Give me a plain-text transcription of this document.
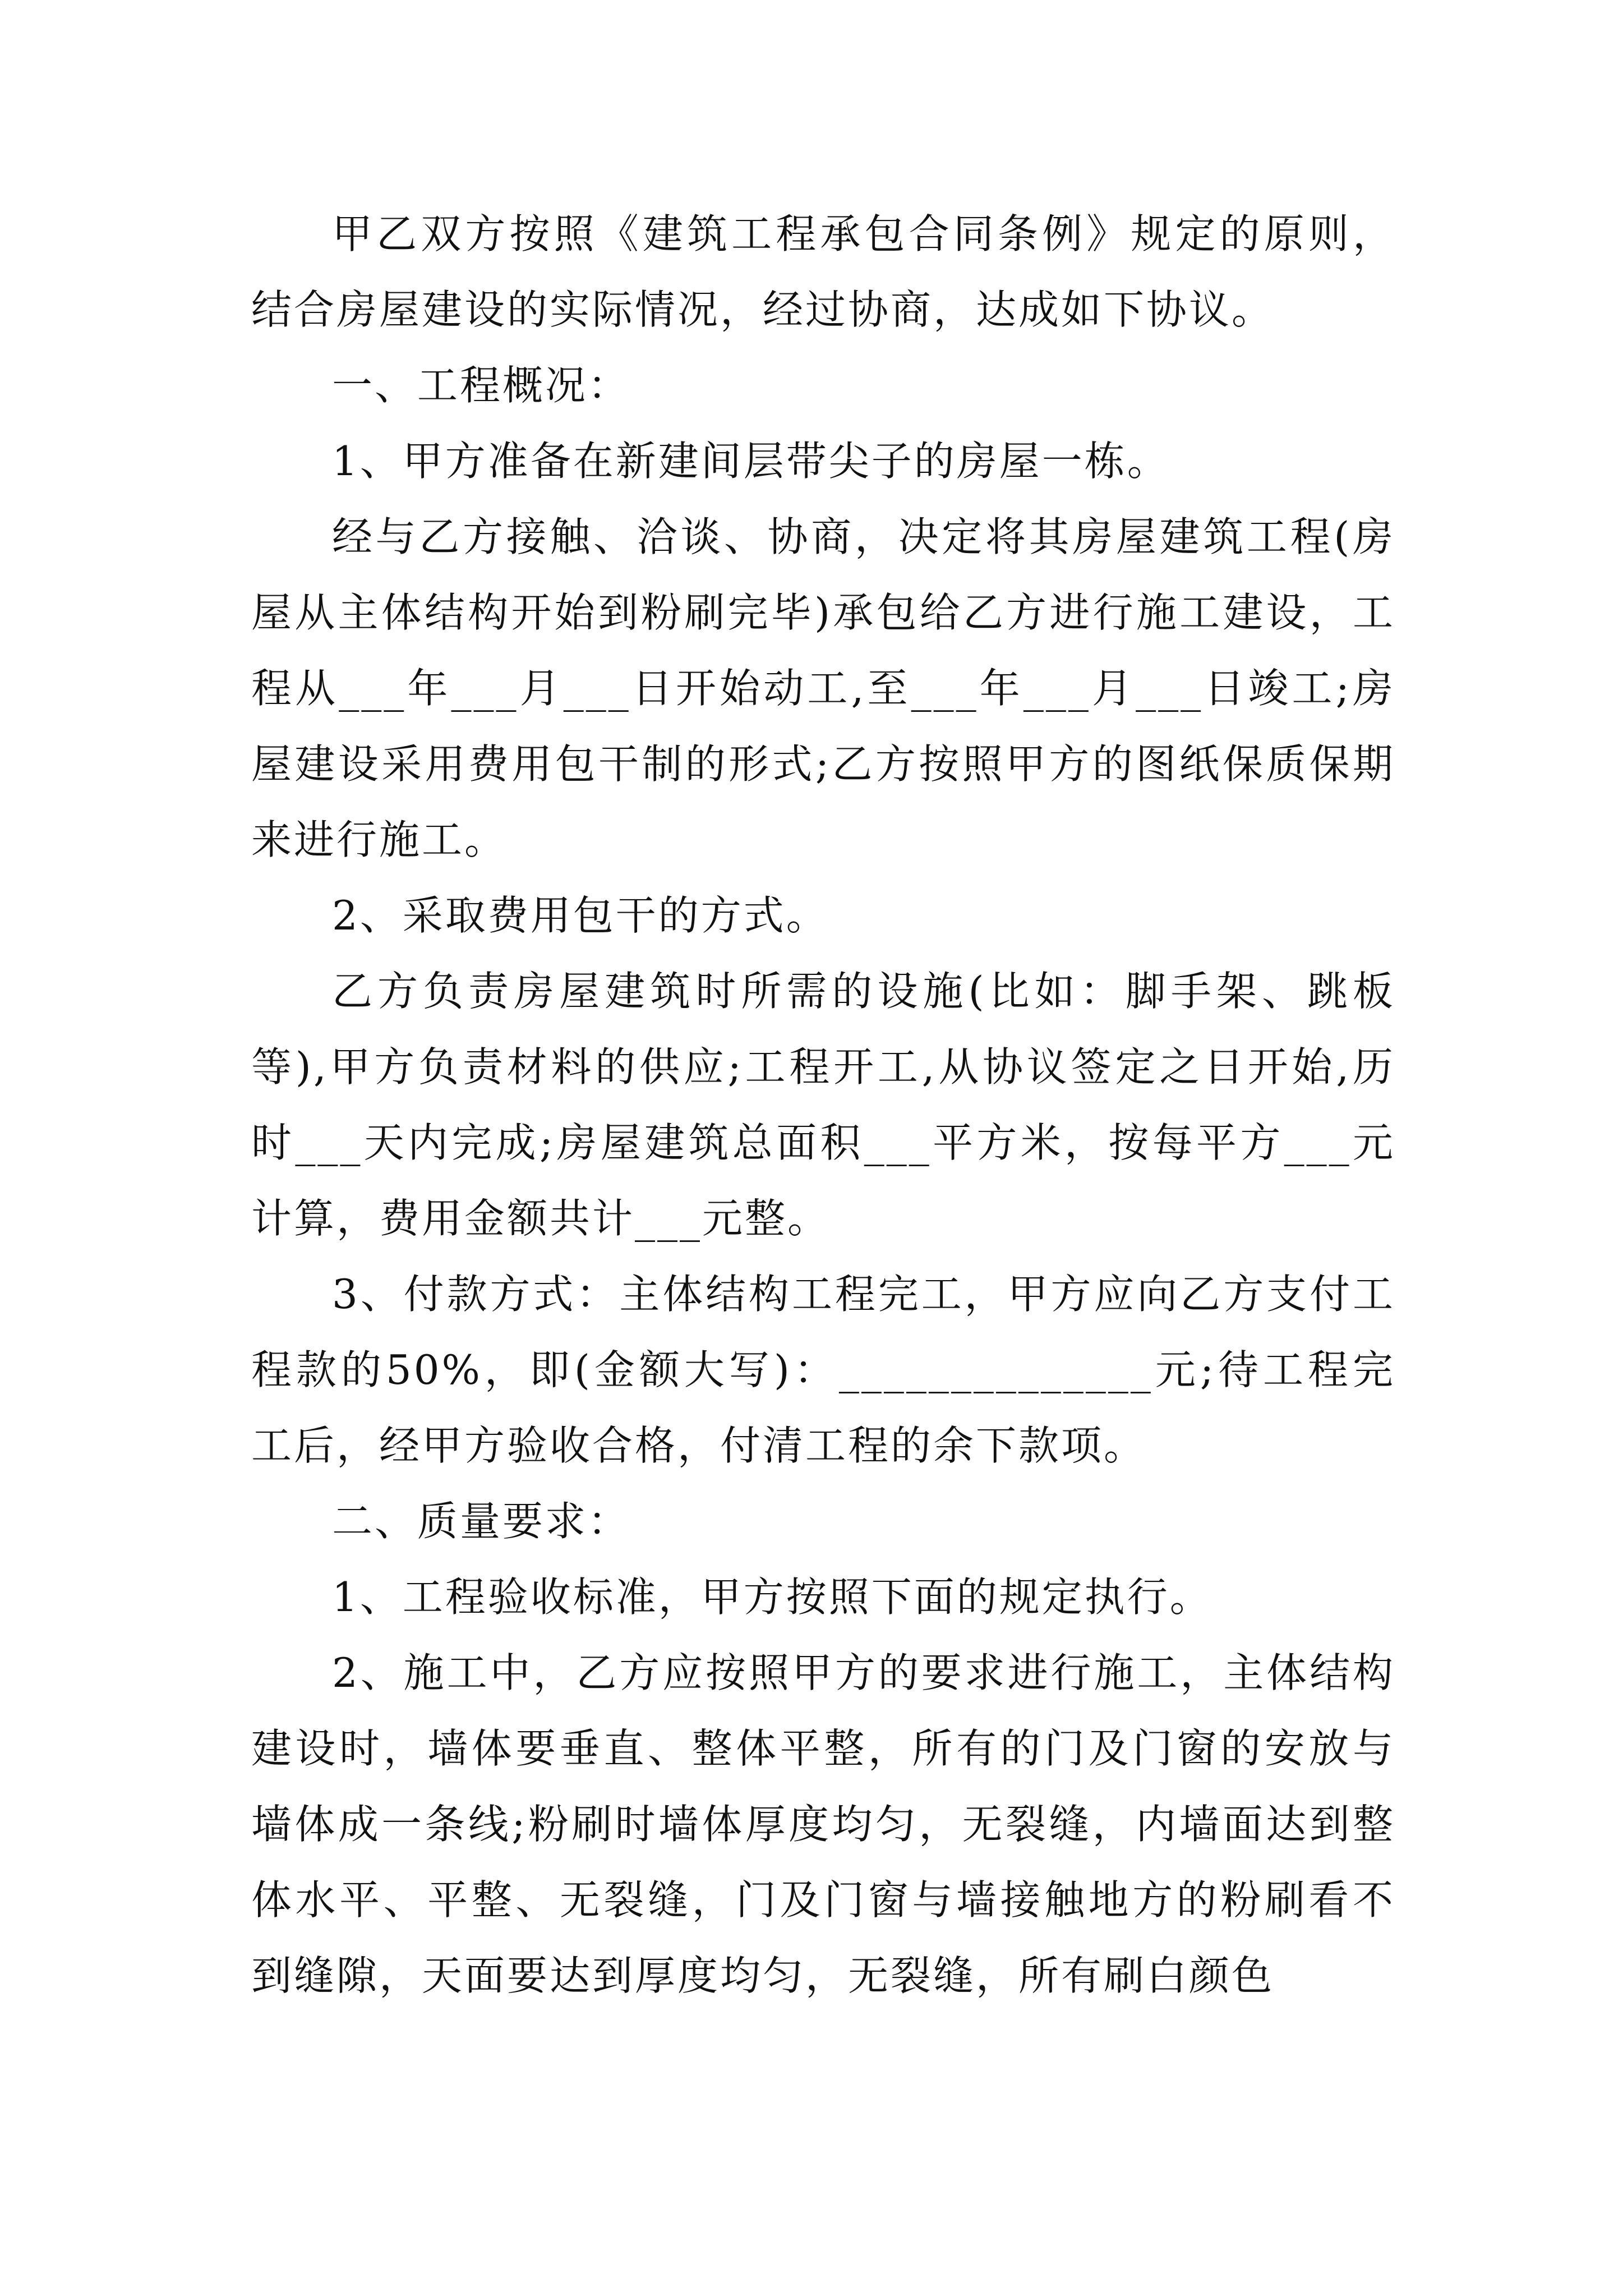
甲乙双方按照《建筑工程承包合同条例》规定的原则，结合房屋建设的实际情况，经过协商，达成如下协议。

一、工程概况：

1、甲方准备在新建间层带尖子的房屋一栋。

经与乙方接触、洽谈、协商，决定将其房屋建筑工程(房屋从主体结构开始到粉刷完毕)承包给乙方进行施工建设，工程从___年___月___日开始动工,至___年___月___日竣工;房屋建设采用费用包干制的形式;乙方按照甲方的图纸保质保期来进行施工。

2、采取费用包干的方式。

乙方负责房屋建筑时所需的设施(比如：脚手架、跳板等),甲方负责材料的供应;工程开工,从协议签定之日开始,历时___天内完成;房屋建筑总面积___平方米，按每平方___元计算，费用金额共计___元整。

3、付款方式：主体结构工程完工，甲方应向乙方支付工程款的50%，即(金额大写)：______________元;待工程完工后，经甲方验收合格，付清工程的余下款项。

二、质量要求：

1、工程验收标准，甲方按照下面的规定执行。

2、施工中，乙方应按照甲方的要求进行施工，主体结构建设时，墙体要垂直、整体平整，所有的门及门窗的安放与墙体成一条线;粉刷时墙体厚度均匀，无裂缝，内墙面达到整体水平、平整、无裂缝，门及门窗与墙接触地方的粉刷看不到缝隙，天面要达到厚度均匀，无裂缝，所有刷白颜色
